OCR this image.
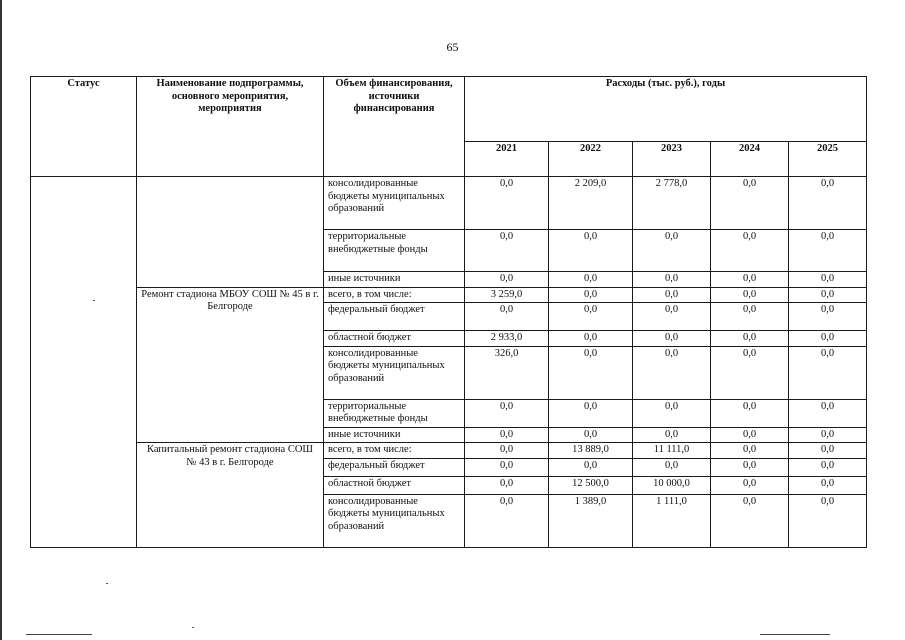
65
Статус	Наименование подпрограммы, основного мероприятия, мероприятия	Объем финансирования, источники финансирования	Расходы (тыс. руб.), годы				
			2021	2022	2023	2024	2025
		консолидированные бюджеты муниципальных образований	0,0	2 209,0	2 778,0	0,0	0,0
		территориальные внебюджетные фонды	0,0	0,0	0,0	0,0	0,0
		иные источники	0,0	0,0	0,0	0,0	0,0
	Ремонт стадиона МБОУ СОШ № 45 в г. Белгороде	всего, в том числе:	3 259,0	0,0	0,0	0,0	0,0
		федеральный бюджет	0,0	0,0	0,0	0,0	0,0
		областной бюджет	2 933,0	0,0	0,0	0,0	0,0
		консолидированные бюджеты муниципальных образований	326,0	0,0	0,0	0,0	0,0
		территориальные внебюджетные фонды	0,0	0,0	0,0	0,0	0,0
		иные источники	0,0	0,0	0,0	0,0	0,0
	Капитальный ремонт стадиона СОШ № 43 в г. Белгороде	всего, в том числе:	0,0	13 889,0	11 111,0	0,0	0,0
		федеральный бюджет	0,0	0,0	0,0	0,0	0,0
		областной бюджет	0,0	12 500,0	10 000,0	0,0	0,0
		консолидированные бюджеты муниципальных образований	0,0	1 389,0	1 111,0	0,0	0,0
